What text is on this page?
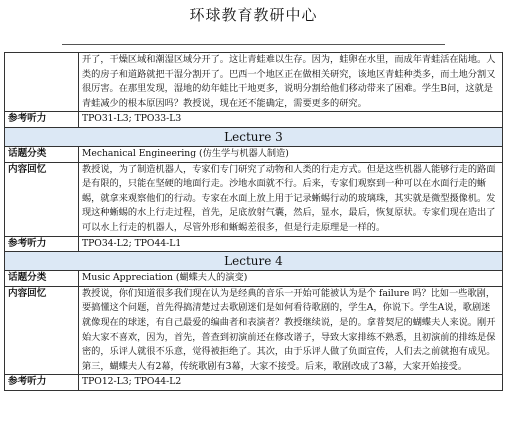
环球教育教研中心
	开了，干燥区域和潮湿区域分开了。这让青蛙难以生存。因为，蛙卵在水里，而成年青蛙活在陆地。人类的房子和道路就把干湿分割开了。巴西一个地区正在做相关研究，该地区青蛙种类多，而土地分割又很厉害。在那里发现，湿地的幼年蛙比干地更多，说明分割给他们移动带来了困难。学生B问，这就是青蛙减少的根本原因吗？教授说，现在还不能确定，需要更多的研究。
参考听力	TPO31-L3; TPO33-L3
Lecture 3	
话题分类	Mechanical Engineering (仿生学与机器人制造)
内容回忆	教授说，为了制造机器人，专家们专门研究了动物和人类的行走方式。但是这些机器人能够行走的路面是有限的，只能在坚硬的地面行走。沙地水面就不行。后来，专家们观察到一种可以在水面行走的蜥蜴，就拿来观察他们的行动。专家在水面上放上用于记录蜥蜴行动的玻璃珠，其实就是微型摄像机。发现这种蜥蜴的水上行走过程，首先，足底放射气囊，然后，显水，最后，恢复原状。专家们现在造出了可以水上行走的机器人，尽管外形和蜥蜴差很多，但是行走原理是一样的。
参考听力	TPO34-L2; TPO44-L1
Lecture 4	
话题分类	Music Appreciation (蝴蝶夫人的演变)
内容回忆	教授说，你们知道很多我们现在认为是经典的音乐一开始可能被认为是个 failure 吗？比如一些歌剧，要搞懂这个问题，首先得搞清楚过去歌剧迷们是如何看待歌剧的，学生A，你说下。学生A说，歌剧迷就像现在的球迷，有自己最爱的编曲者和表演者？教授继续说，是的。拿普契尼的蝴蝶夫人来说。刚开始大家不喜欢，因为，首先，普查到初演前还在修改谱子，导致大家排练不熟悉，且初演前的排练是保密的，乐评人就很不乐意，觉得被拒绝了。其次，由于乐评人做了负面宣传，人们去之前就抱有成见。第三，蝴蝶夫人有2幕，传统歌剧有3幕，大家不接受。后来，歌剧改成了3幕，大家开始接受。
参考听力	TPO12-L3; TPO44-L2
